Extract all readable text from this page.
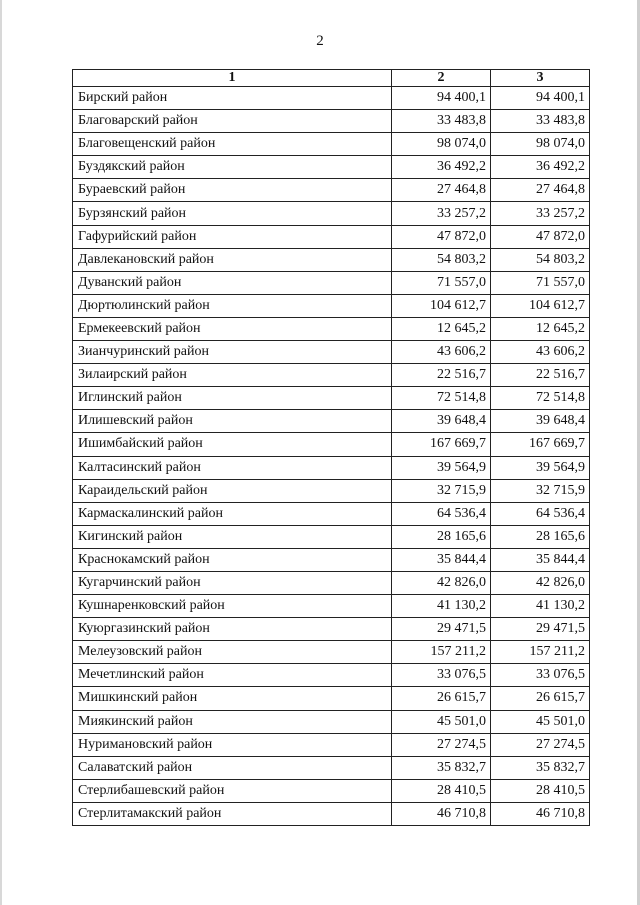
2
1	2	3
Бирский район	94 400,1	94 400,1
Благоварский район	33 483,8	33 483,8
Благовещенский район	98 074,0	98 074,0
Буздякский район	36 492,2	36 492,2
Бураевский район	27 464,8	27 464,8
Бурзянский район	33 257,2	33 257,2
Гафурийский район	47 872,0	47 872,0
Давлекановский район	54 803,2	54 803,2
Дуванский район	71 557,0	71 557,0
Дюртюлинский район	104 612,7	104 612,7
Ермекеевский район	12 645,2	12 645,2
Зианчуринский район	43 606,2	43 606,2
Зилаирский район	22 516,7	22 516,7
Иглинский район	72 514,8	72 514,8
Илишевский район	39 648,4	39 648,4
Ишимбайский район	167 669,7	167 669,7
Калтасинский район	39 564,9	39 564,9
Караидельский район	32 715,9	32 715,9
Кармаскалинский район	64 536,4	64 536,4
Кигинский район	28 165,6	28 165,6
Краснокамский район	35 844,4	35 844,4
Кугарчинский район	42 826,0	42 826,0
Кушнаренковский район	41 130,2	41 130,2
Куюргазинский район	29 471,5	29 471,5
Мелеузовский район	157 211,2	157 211,2
Мечетлинский район	33 076,5	33 076,5
Мишкинский район	26 615,7	26 615,7
Миякинский район	45 501,0	45 501,0
Нуримановский район	27 274,5	27 274,5
Салаватский район	35 832,7	35 832,7
Стерлибашевский район	28 410,5	28 410,5
Стерлитамакский район	46 710,8	46 710,8
